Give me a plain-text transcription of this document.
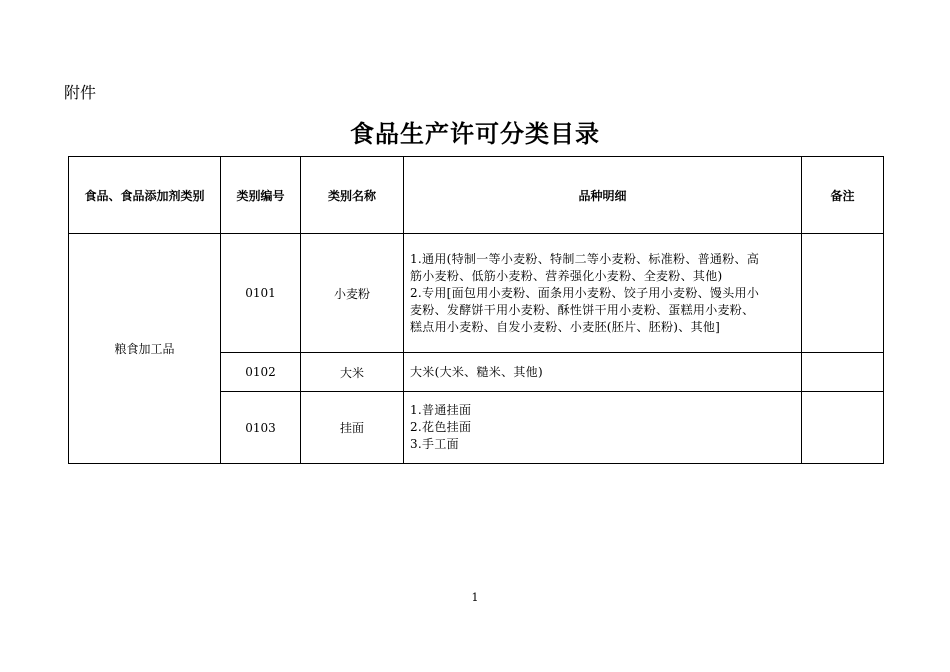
附件
食品生产许可分类目录
食品、食品添加剂类别	类别编号	类别名称	品种明细	备注
粮食加工品	0101	小麦粉	1.通用(特制一等小麦粉、特制二等小麦粉、标准粉、普通粉、高
筋小麦粉、低筋小麦粉、营养强化小麦粉、全麦粉、其他)
2.专用[面包用小麦粉、面条用小麦粉、饺子用小麦粉、馒头用小
麦粉、发酵饼干用小麦粉、酥性饼干用小麦粉、蛋糕用小麦粉、
糕点用小麦粉、自发小麦粉、小麦胚(胚片、胚粉)、其他]	

	0102	大米	大米(大米、糙米、其他)	

	0103	挂面	1.普通挂面
2.花色挂面
3.手工面	

1
